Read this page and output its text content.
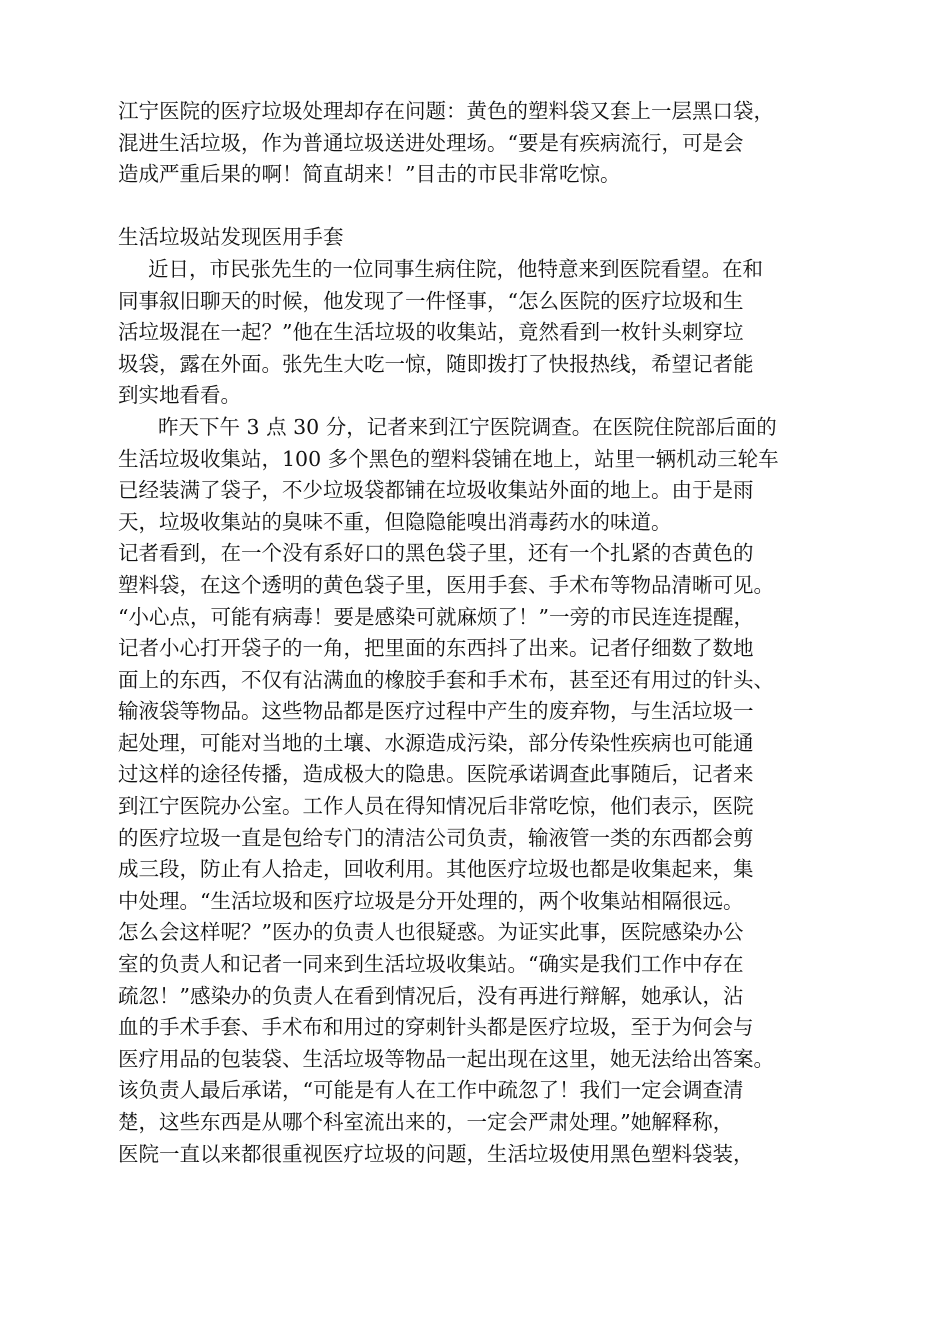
江宁医院的医疗垃圾处理却存在问题：黄色的塑料袋又套上一层黑口袋，

混进生活垃圾，作为普通垃圾送进处理场。“要是有疾病流行，可是会

造成严重后果的啊！简直胡来！”目击的市民非常吃惊。

生活垃圾站发现医用手套

近日，市民张先生的一位同事生病住院，他特意来到医院看望。在和

同事叙旧聊天的时候，他发现了一件怪事，“怎么医院的医疗垃圾和生

活垃圾混在一起？”他在生活垃圾的收集站，竟然看到一枚针头刺穿垃

圾袋，露在外面。张先生大吃一惊，随即拨打了快报热线，希望记者能

到实地看看。

昨天下午 3 点 30 分，记者来到江宁医院调查。在医院住院部后面的

生活垃圾收集站，100 多个黑色的塑料袋铺在地上，站里一辆机动三轮车

已经装满了袋子，不少垃圾袋都铺在垃圾收集站外面的地上。由于是雨

天，垃圾收集站的臭味不重，但隐隐能嗅出消毒药水的味道。

记者看到，在一个没有系好口的黑色袋子里，还有一个扎紧的杏黄色的

塑料袋，在这个透明的黄色袋子里，医用手套、手术布等物品清晰可见。

“小心点，可能有病毒！要是感染可就麻烦了！”一旁的市民连连提醒，

记者小心打开袋子的一角，把里面的东西抖了出来。记者仔细数了数地

面上的东西，不仅有沾满血的橡胶手套和手术布，甚至还有用过的针头、

输液袋等物品。这些物品都是医疗过程中产生的废弃物，与生活垃圾一

起处理，可能对当地的土壤、水源造成污染，部分传染性疾病也可能通

过这样的途径传播，造成极大的隐患。医院承诺调查此事随后，记者来

到江宁医院办公室。工作人员在得知情况后非常吃惊，他们表示，医院

的医疗垃圾一直是包给专门的清洁公司负责，输液管一类的东西都会剪

成三段，防止有人拾走，回收利用。其他医疗垃圾也都是收集起来，集

中处理。“生活垃圾和医疗垃圾是分开处理的，两个收集站相隔很远。

怎么会这样呢？”医办的负责人也很疑惑。为证实此事，医院感染办公

室的负责人和记者一同来到生活垃圾收集站。“确实是我们工作中存在

疏忽！”感染办的负责人在看到情况后，没有再进行辩解，她承认，沾

血的手术手套、手术布和用过的穿刺针头都是医疗垃圾，至于为何会与

医疗用品的包装袋、生活垃圾等物品一起出现在这里，她无法给出答案。

该负责人最后承诺，“可能是有人在工作中疏忽了！我们一定会调查清

楚，这些东西是从哪个科室流出来的，一定会严肃处理。”她解释称，

医院一直以来都很重视医疗垃圾的问题，生活垃圾使用黑色塑料袋装，
